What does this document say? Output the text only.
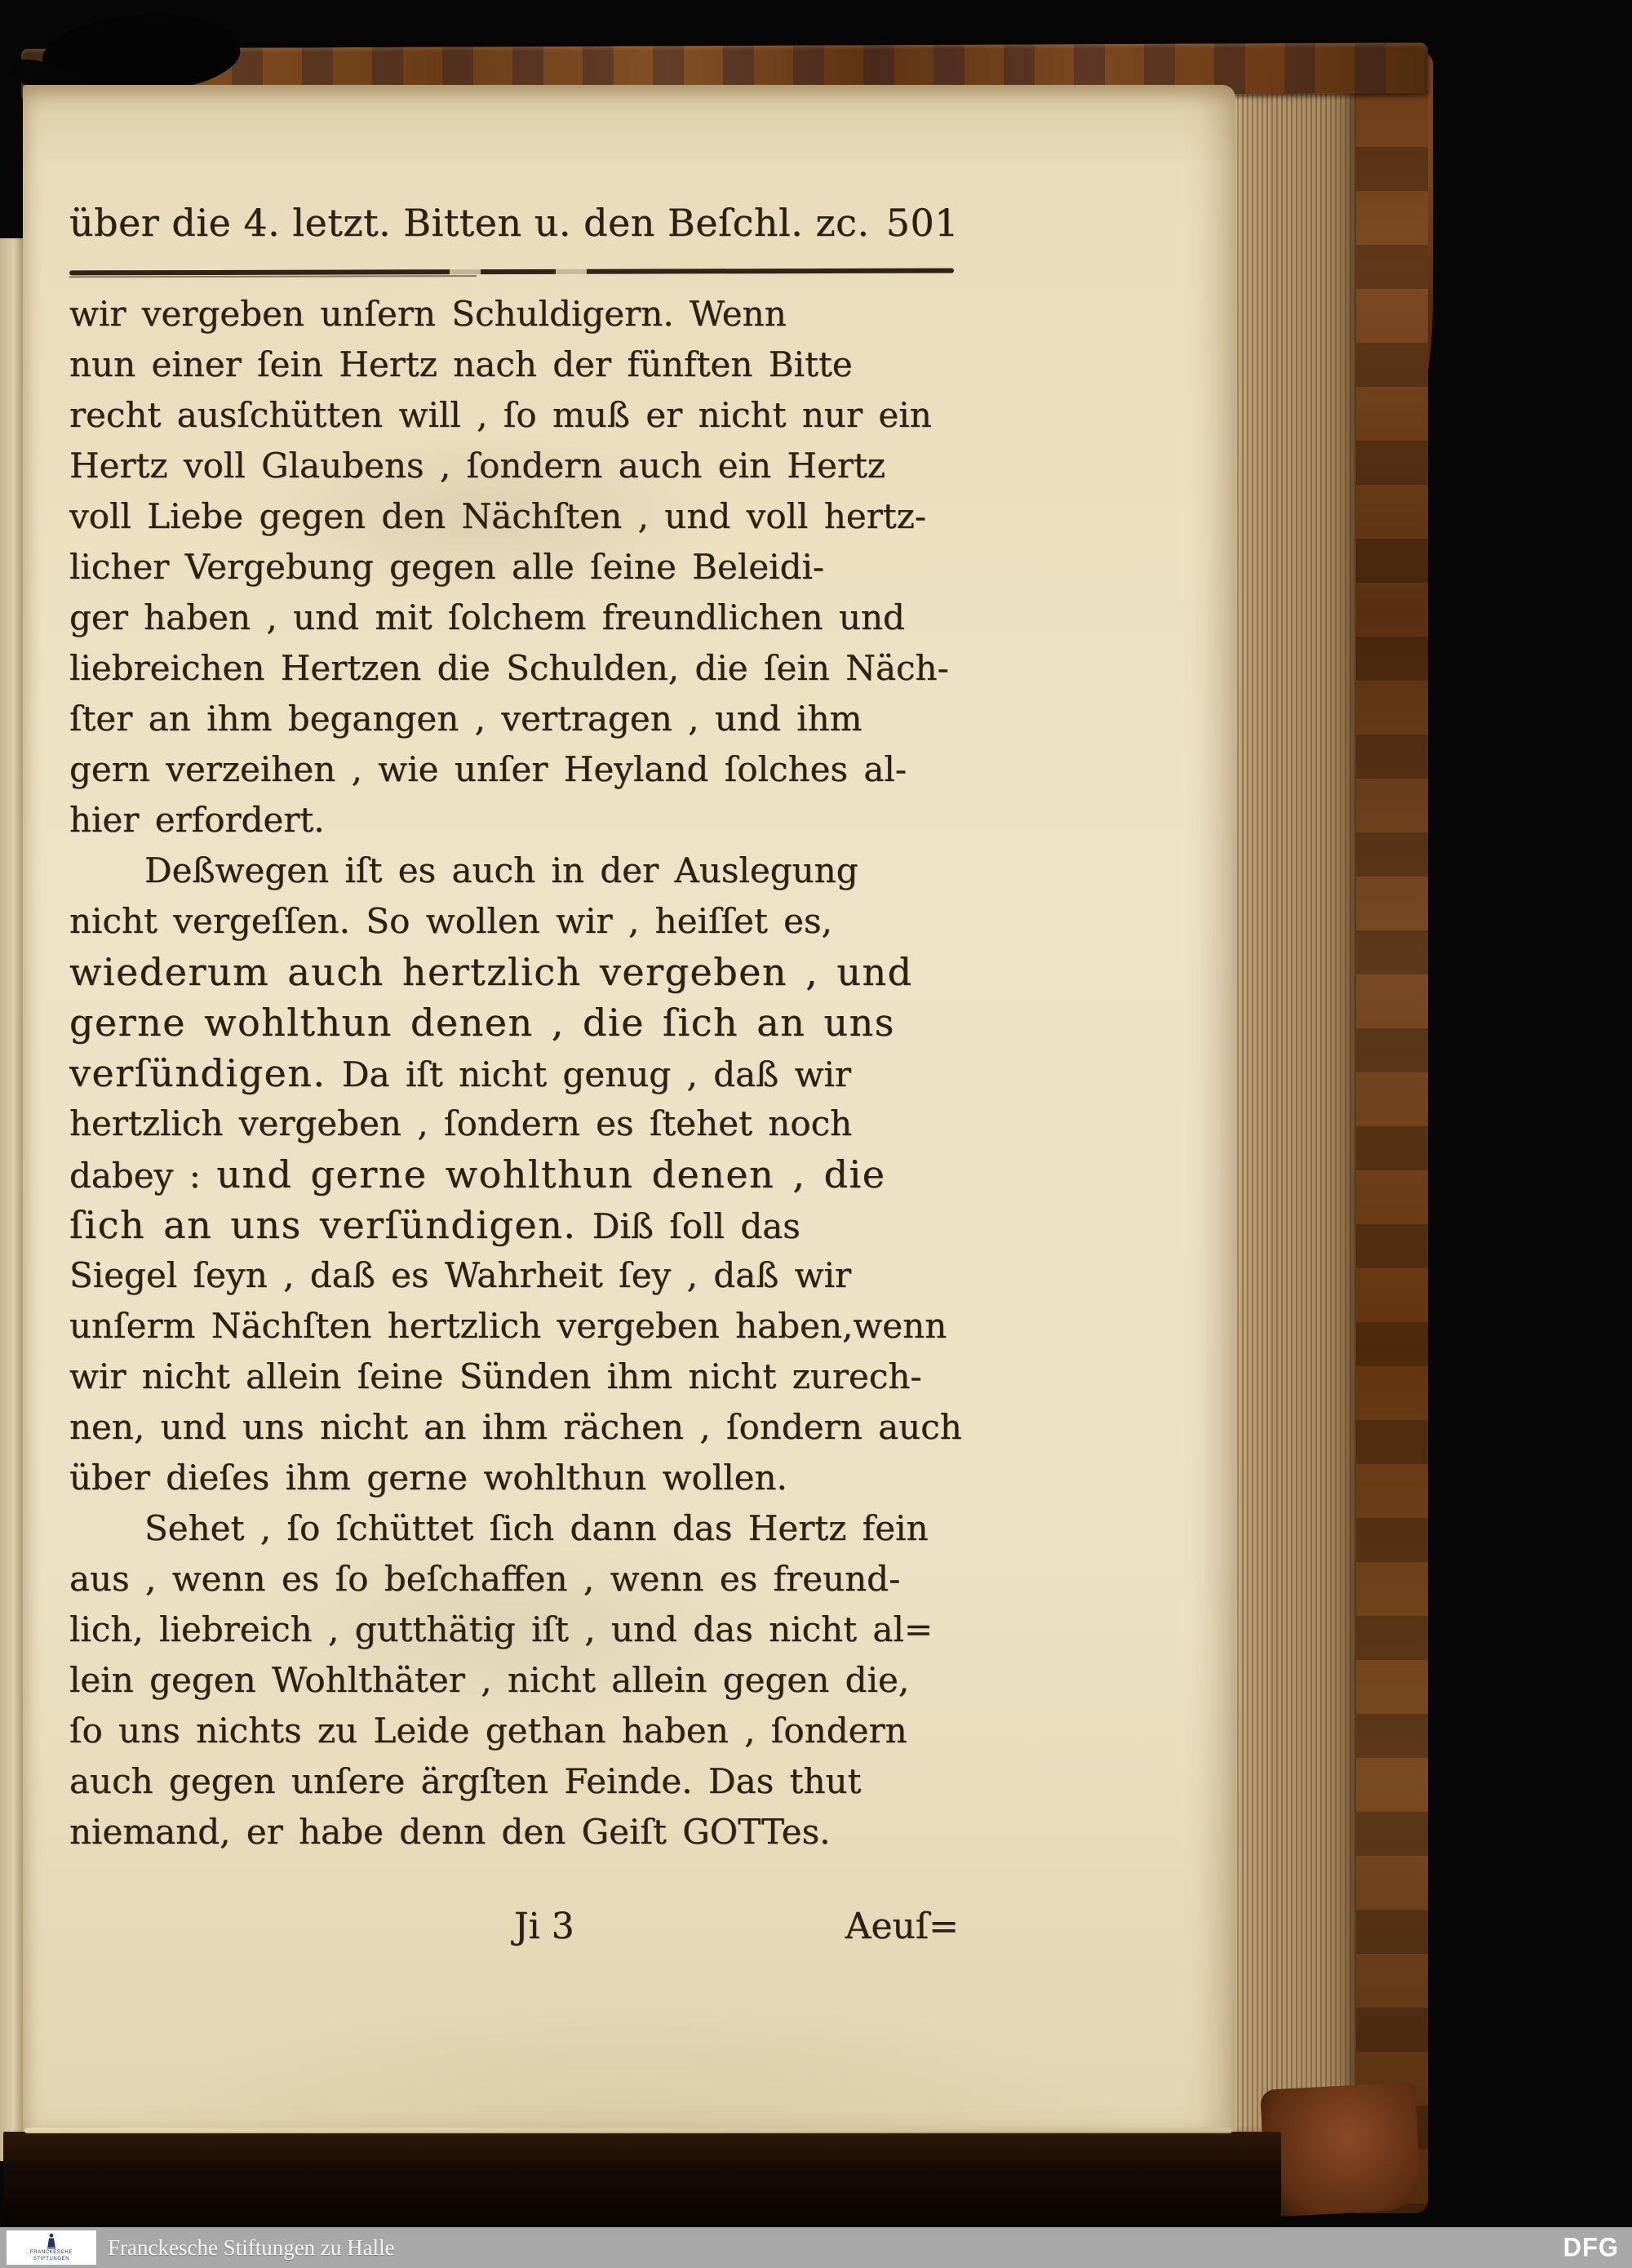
über die 4. letzt. Bitten u. den Beſchl. zc. 501
wir vergeben unſern Schuldigern. Wenn
nun einer ſein Hertz nach der fünften Bitte
recht ausſchütten will , ſo muß er nicht nur ein
Hertz voll Glaubens , ſondern auch ein Hertz
voll Liebe gegen den Nächſten , und voll hertz-
licher Vergebung gegen alle ſeine Beleidi-
ger haben , und mit ſolchem freundlichen und
liebreichen Hertzen die Schulden, die ſein Näch-
ſter an ihm begangen , vertragen , und ihm
gern verzeihen , wie unſer Heyland ſolches al-
hier erfordert.
Deßwegen iſt es auch in der Auslegung
nicht vergeſſen. So wollen wir , heiſſet es,
wiederum auch hertzlich vergeben , und
gerne wohlthun denen , die ſich an uns
verſündigen. Da iſt nicht genug , daß wir
hertzlich vergeben , ſondern es ſtehet noch
dabey : und gerne wohlthun denen , die
ſich an uns verſündigen. Diß ſoll das
Siegel ſeyn , daß es Wahrheit ſey , daß wir
unſerm Nächſten hertzlich vergeben haben,wenn
wir nicht allein ſeine Sünden ihm nicht zurech-
nen, und uns nicht an ihm rächen , ſondern auch
über dieſes ihm gerne wohlthun wollen.
Sehet , ſo ſchüttet ſich dann das Hertz fein
aus , wenn es ſo beſchaffen , wenn es freund-
lich, liebreich , gutthätig iſt , und das nicht al=
lein gegen Wohlthäter , nicht allein gegen die,
ſo uns nichts zu Leide gethan haben , ſondern
auch gegen unſere ärgſten Feinde. Das thut
niemand, er habe denn den Geiſt GOTTes.
Ji 3	Aeuſ=
FRANCKESCHE
STIFTUNGEN Franckesche Stiftungen zu Halle	DFG
